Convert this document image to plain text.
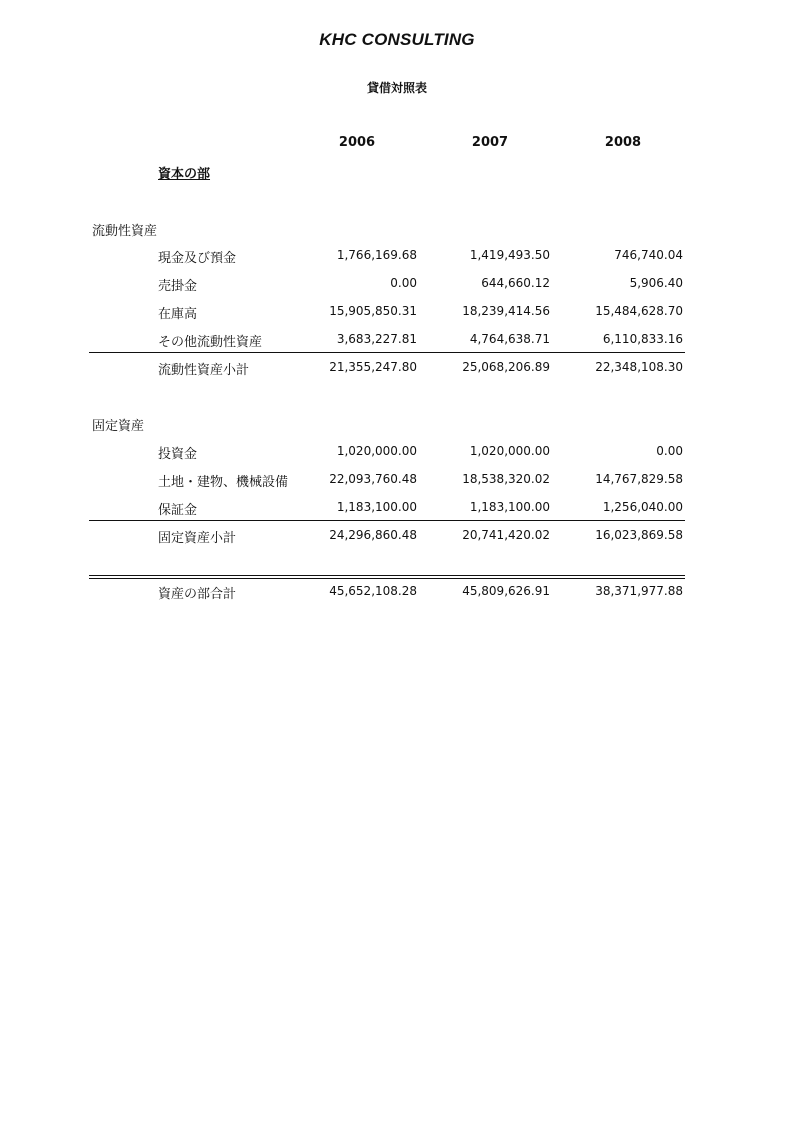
KHC CONSULTING
貸借対照表
2006	2007	2008
資本の部
流動性資産
現金及び預金	1,766,169.68	1,419,493.50	746,740.04
売掛金	0.00	644,660.12	5,906.40
在庫高	15,905,850.31	18,239,414.56	15,484,628.70
その他流動性資産	3,683,227.81	4,764,638.71	6,110,833.16
流動性資産小計	21,355,247.80	25,068,206.89	22,348,108.30
固定資産
投資金	1,020,000.00	1,020,000.00	0.00
土地・建物、機械設備	22,093,760.48	18,538,320.02	14,767,829.58
保証金	1,183,100.00	1,183,100.00	1,256,040.00
固定資産小計	24,296,860.48	20,741,420.02	16,023,869.58
資産の部合計	45,652,108.28	45,809,626.91	38,371,977.88
